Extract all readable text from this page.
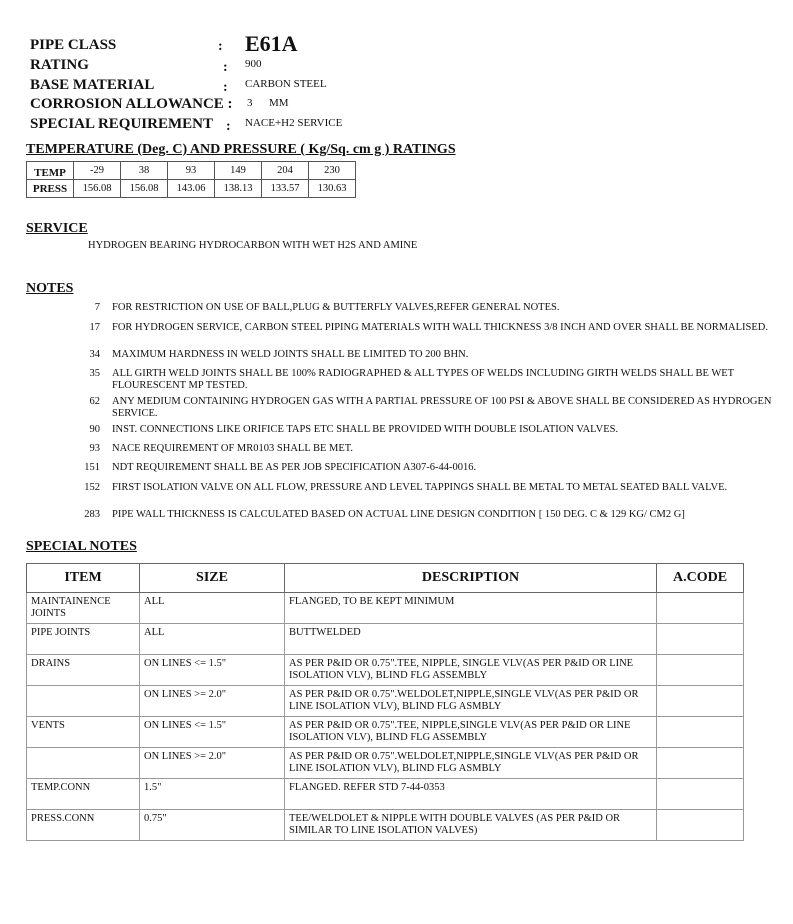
PIPE CLASS	: E61A
RATING	: 900
BASE MATERIAL	: CARBON STEEL
CORROSION ALLOWANCE : 3      MM
SPECIAL REQUIREMENT : NACE+H2 SERVICE
TEMPERATURE (Deg. C) AND PRESSURE ( Kg/Sq. cm g ) RATINGS
TEMP	-29	38	93	149	204	230
PRESS	156.08	156.08	143.06	138.13	133.57	130.63
SERVICE
HYDROGEN BEARING HYDROCARBON WITH WET H2S AND AMINE
NOTES
7 FOR RESTRICTION ON USE OF BALL,PLUG & BUTTERFLY VALVES,REFER GENERAL NOTES.
17 FOR HYDROGEN SERVICE, CARBON STEEL PIPING MATERIALS WITH WALL THICKNESS 3/8 INCH AND OVER SHALL BE NORMALISED.
34 MAXIMUM HARDNESS IN WELD JOINTS SHALL BE LIMITED TO 200 BHN.
35 ALL GIRTH WELD JOINTS SHALL BE 100% RADIOGRAPHED & ALL TYPES OF WELDS INCLUDING GIRTH WELDS SHALL BE WET FLOURESCENT MP TESTED.
62 ANY MEDIUM CONTAINING HYDROGEN GAS WITH A PARTIAL PRESSURE OF 100 PSI & ABOVE SHALL BE CONSIDERED AS HYDROGEN SERVICE.
90 INST. CONNECTIONS LIKE ORIFICE TAPS ETC SHALL BE PROVIDED WITH DOUBLE ISOLATION VALVES.
93 NACE REQUIREMENT OF MR0103 SHALL BE MET.
151 NDT REQUIREMENT SHALL BE AS PER JOB SPECIFICATION A307-6-44-0016.
152 FIRST ISOLATION VALVE ON ALL FLOW, PRESSURE AND LEVEL TAPPINGS SHALL BE METAL TO METAL SEATED BALL VALVE.
283 PIPE WALL THICKNESS IS CALCULATED BASED ON ACTUAL LINE DESIGN CONDITION [ 150 DEG. C & 129 KG/ CM2 G]
SPECIAL NOTES
ITEM	SIZE	DESCRIPTION	A.CODE
MAINTAINENCE JOINTS	ALL	FLANGED, TO BE KEPT MINIMUM	
PIPE JOINTS	ALL	BUTTWELDED	
DRAINS	ON LINES <= 1.5"	AS PER P&ID OR 0.75".TEE, NIPPLE, SINGLE VLV(AS PER P&ID OR LINE ISOLATION VLV), BLIND FLG ASSEMBLY	
	ON LINES >= 2.0"	AS PER P&ID OR 0.75".WELDOLET,NIPPLE,SINGLE VLV(AS PER P&ID OR LINE ISOLATION VLV), BLIND FLG ASMBLY	
VENTS	ON LINES <= 1.5"	AS PER P&ID OR 0.75".TEE, NIPPLE,SINGLE VLV(AS PER P&ID OR LINE ISOLATION VLV), BLIND FLG ASSEMBLY	
	ON LINES >= 2.0"	AS PER P&ID OR 0.75".WELDOLET,NIPPLE,SINGLE VLV(AS PER P&ID OR LINE ISOLATION VLV), BLIND FLG ASMBLY	
TEMP.CONN	1.5"	FLANGED. REFER STD 7-44-0353	
PRESS.CONN	0.75"	TEE/WELDOLET & NIPPLE WITH DOUBLE VALVES (AS PER P&ID OR SIMILAR TO LINE ISOLATION VALVES)	
